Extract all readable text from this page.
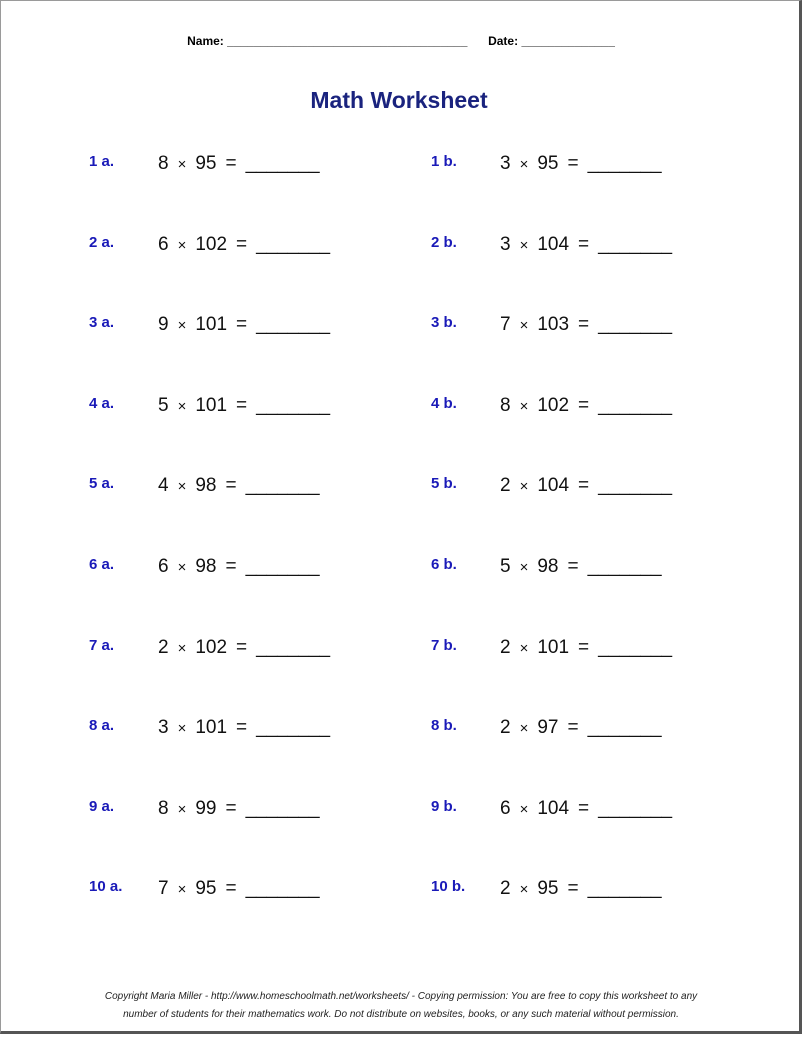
Name: ____________________________________ Date: ______________
Math Worksheet
1 a. 8 × 95 = _______	1 b. 3 × 95 = _______
2 a. 6 × 102 = _______	2 b. 3 × 104 = _______
3 a. 9 × 101 = _______	3 b. 7 × 103 = _______
4 a. 5 × 101 = _______	4 b. 8 × 102 = _______
5 a. 4 × 98 = _______	5 b. 2 × 104 = _______
6 a. 6 × 98 = _______	6 b. 5 × 98 = _______
7 a. 2 × 102 = _______	7 b. 2 × 101 = _______
8 a. 3 × 101 = _______	8 b. 2 × 97 = _______
9 a. 8 × 99 = _______	9 b. 6 × 104 = _______
10 a. 7 × 95 = _______	10 b. 2 × 95 = _______
Copyright Maria Miller - http://www.homeschoolmath.net/worksheets/ - Copying permission: You are free to copy this worksheet to any
number of students for their mathematics work. Do not distribute on websites, books, or any such material without permission.
